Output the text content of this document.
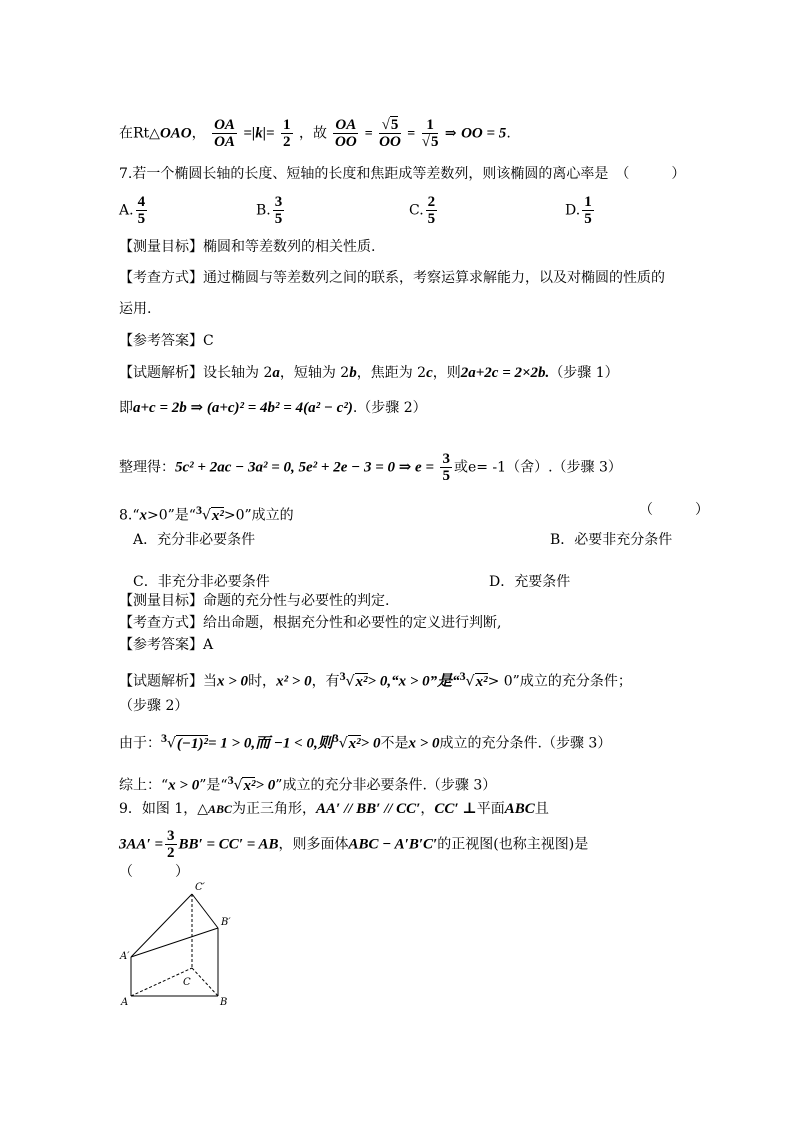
在Rt△OAO， $\frac{OA}{OA} =|k|= \frac{1}{2}$ ，故 $\frac{OA}{OO} = \frac{√5}{OO} = \frac{1}{√5}$ ⇒ OO = 5.
7.若一个椭圆长轴的长度、短轴的长度和焦距成等差数列，则该椭圆的离心率是　（　　　）
A. $\frac{4}{5}$	B. $\frac{3}{5}$	C. $\frac{2}{5}$	D. $\frac{1}{5}$
【测量目标】椭圆和等差数列的相关性质.
【考查方式】通过椭圆与等差数列之间的联系，考察运算求解能力，以及对椭圆的性质的
运用.
【参考答案】C
【试题解析】设长轴为 2a，短轴为 2b，焦距为 2c，则2a+2c = 2×2b.（步骤 1）
即a+c = 2b ⇒ (a+c)² = 4b² = 4(a² − c²).（步骤 2）
整理得：5c² + 2ac − 3a² = 0, 5e² + 2e − 3 = 0 ⇒ $e = \frac{3}{5}$ 或e= -1（舍）.（步骤 3）
8.“x>0”是“$^3$√x²>0”成立的	（　　　）
A．充分非必要条件	B．必要非充分条件
C．非充分非必要条件	D．充要条件
【测量目标】命题的充分性与必要性的判定.
【考查方式】给出命题，根据充分性和必要性的定义进行判断,
【参考答案】A
【试题解析】当x > 0时，x² > 0，有$^3$√x²> 0,“x > 0”是“$^3$√x²> 0”成立的充分条件；
（步骤 2）
由于：$^3$√(−1)²= 1 > 0,而 −1 < 0,则$^3$√x²> 0不是x > 0成立的充分条件.（步骤 3）
综上：“x > 0”是“$^3$√x²> 0”成立的充分非必要条件.（步骤 3）
9．如图 1，△ABC为正三角形，AA′ // BB′ // CC′，CC′ ⊥平面ABC且
$3AA' = \frac{3}{2} BB' = CC'$ = AB，则多面体ABC − A′B′C′的正视图(也称主视图)是
（　　　）
A	B
C
A′
B′
C′
